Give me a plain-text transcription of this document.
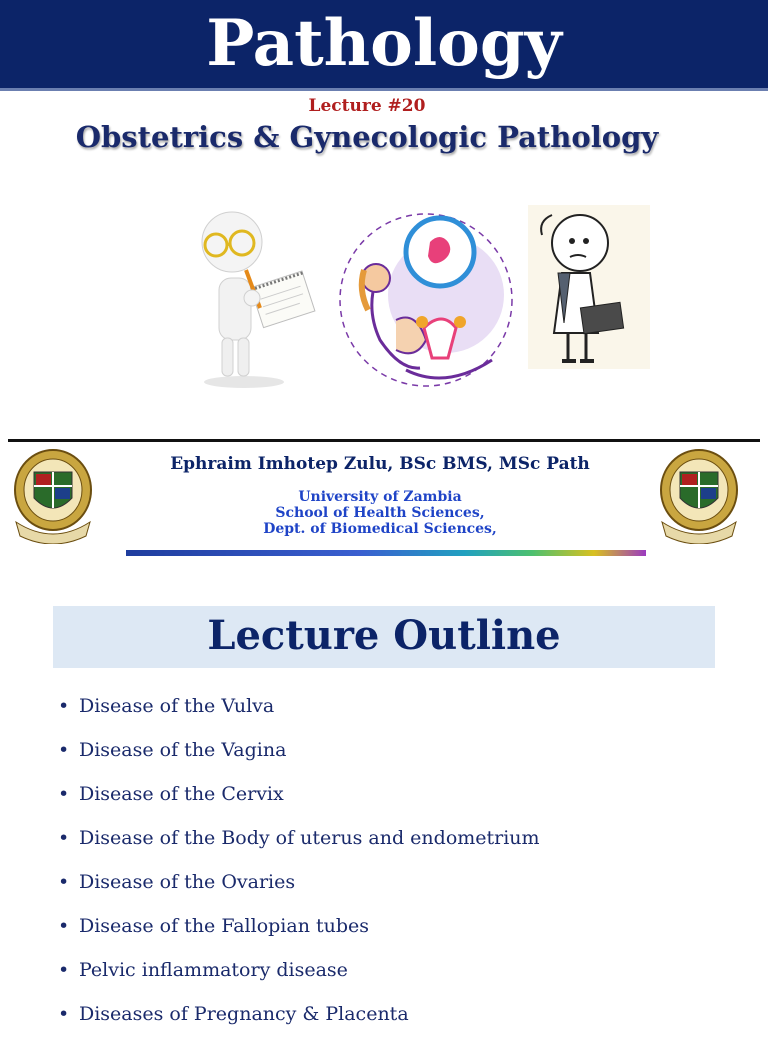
Pathology
Lecture #20
Obstetrics & Gynecologic Pathology
Ephraim Imhotep Zulu, BSc BMS, MSc Path
University of Zambia
School of Health Sciences,
Dept. of Biomedical Sciences,
Lecture Outline
• Disease of the Vulva
• Disease of the Vagina
• Disease of the Cervix
• Disease of the Body of uterus and endometrium
• Disease of the Ovaries
• Disease of the Fallopian tubes
• Pelvic inflammatory disease
• Diseases of Pregnancy & Placenta
